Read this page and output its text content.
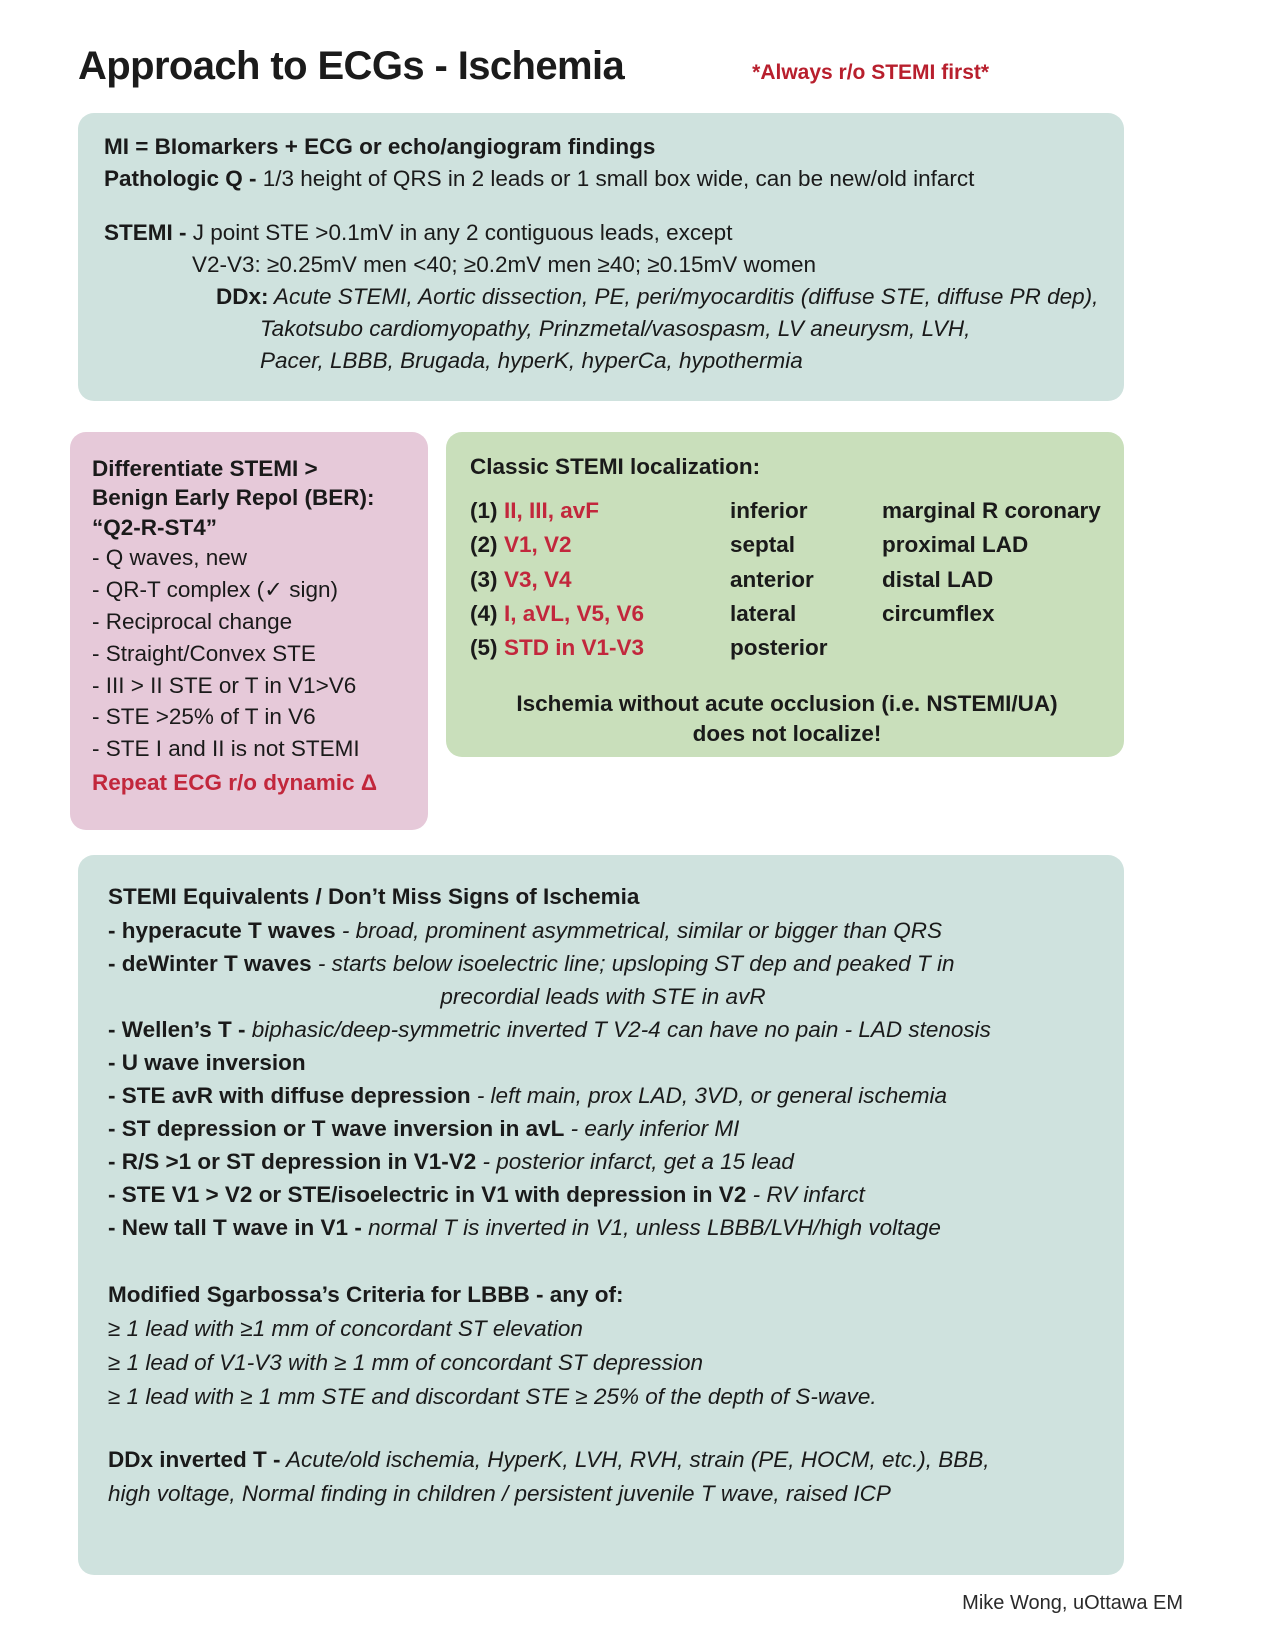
Approach to ECGs - Ischemia	*Always r/o STEMI first*
MI = BIomarkers + ECG or echo/angiogram findings
Pathologic Q - 1/3 height of QRS in 2 leads or 1 small box wide, can be new/old infarct
STEMI - J point STE >0.1mV in any 2 contiguous leads, except
V2-V3: ≥0.25mV men <40; ≥0.2mV men ≥40; ≥0.15mV women
DDx: Acute STEMI, Aortic dissection, PE, peri/myocarditis (diffuse STE, diffuse PR dep),
Takotsubo cardiomyopathy, Prinzmetal/vasospasm, LV aneurysm, LVH,
Pacer, LBBB, Brugada, hyperK, hyperCa, hypothermia
Differentiate STEMI >
Benign Early Repol (BER):
“Q2-R-ST4”
- Q waves, new
- QR-T complex (✓ sign)
- Reciprocal change
- Straight/Convex STE
- III > II STE or T in V1>V6
- STE >25% of T in V6
- STE I and II is not STEMI
Repeat ECG r/o dynamic Δ
Classic STEMI localization:
(1)	II, III, avF	inferior	marginal R coronary
(2)	V1, V2	septal	proximal LAD
(3)	V3, V4	anterior	distal LAD
(4)	I, aVL, V5, V6	lateral	circumflex
(5)	STD in V1-V3	posterior	
Ischemia without acute occlusion (i.e. NSTEMI/UA)
does not localize!
STEMI Equivalents / Don’t Miss Signs of Ischemia
- hyperacute T waves - broad, prominent asymmetrical, similar or bigger than QRS
- deWinter T waves - starts below isoelectric line; upsloping ST dep and peaked T in
precordial leads with STE in avR
- Wellen’s T - biphasic/deep-symmetric inverted T V2-4 can have no pain - LAD stenosis
- U wave inversion
- STE avR with diffuse depression - left main, prox LAD, 3VD, or general ischemia
- ST depression or T wave inversion in avL - early inferior MI
- R/S >1 or ST depression in V1-V2 - posterior infarct, get a 15 lead
- STE V1 > V2 or STE/isoelectric in V1 with depression in V2 - RV infarct
- New tall T wave in V1 - normal T is inverted in V1, unless LBBB/LVH/high voltage
Modified Sgarbossa’s Criteria for LBBB - any of:
≥ 1 lead with ≥1 mm of concordant ST elevation
≥ 1 lead of V1-V3 with ≥ 1 mm of concordant ST depression
≥ 1 lead with ≥ 1 mm STE and discordant STE ≥ 25% of the depth of S-wave.
DDx inverted T - Acute/old ischemia, HyperK, LVH, RVH, strain (PE, HOCM, etc.), BBB,
high voltage, Normal finding in children / persistent juvenile T wave, raised ICP
Mike Wong, uOttawa EM
